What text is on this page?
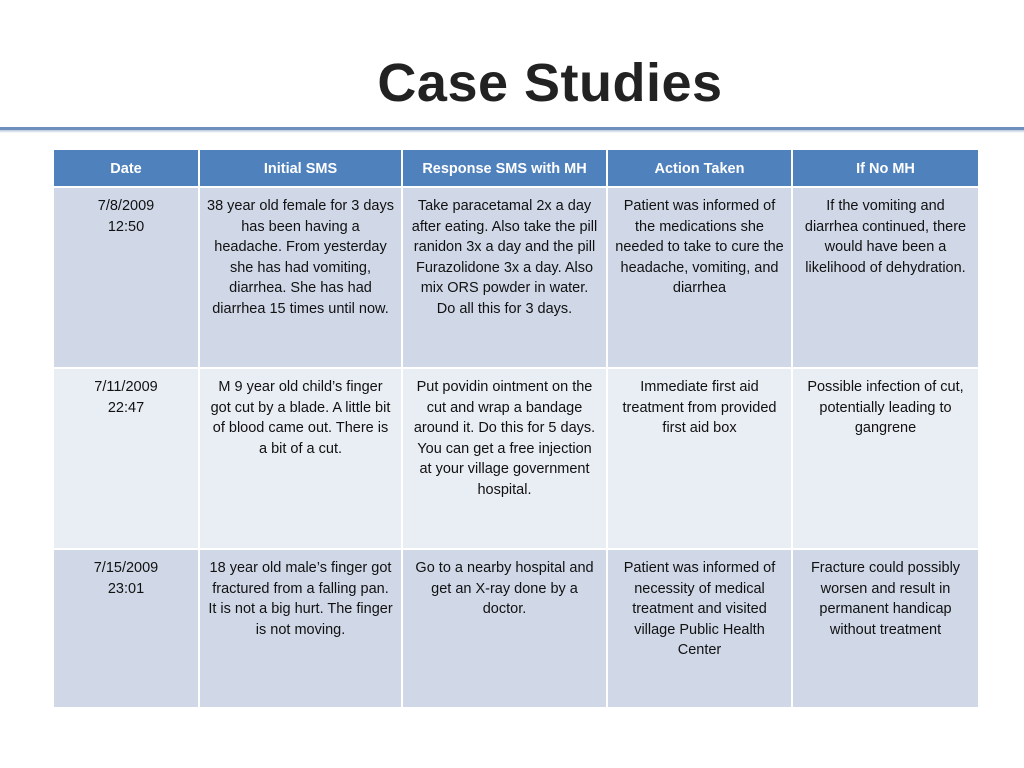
Case Studies
Date	Initial SMS	Response SMS with MH	Action Taken	If No MH

7/8/2009
12:50	38 year old female for 3 days has been having a headache. From yesterday she has had vomiting, diarrhea. She has had diarrhea 15 times until now.	Take paracetamal 2x a day after eating. Also take the pill ranidon 3x a day and the pill Furazolidone 3x a day. Also mix ORS powder in water. Do all this for 3 days.	Patient was informed of the medications she needed to take to cure the headache, vomiting, and diarrhea	If the vomiting and diarrhea continued, there would have been a likelihood of dehydration.

7/11/2009
22:47	M 9 year old child’s finger got cut by a blade. A little bit of blood came out. There is a bit of a cut.	Put povidin ointment on the cut and wrap a bandage around it. Do this for 5 days. You can get a free injection at your village government hospital.	Immediate first aid treatment from provided first aid box	Possible infection of cut, potentially leading to gangrene

7/15/2009
23:01	18 year old male’s finger got fractured from a falling pan. It is not a big hurt. The finger is not moving.	Go to a nearby hospital and get an X-ray done by a doctor.	Patient was informed of necessity of medical treatment and visited village Public Health Center	Fracture could possibly worsen and result in permanent handicap without treatment
